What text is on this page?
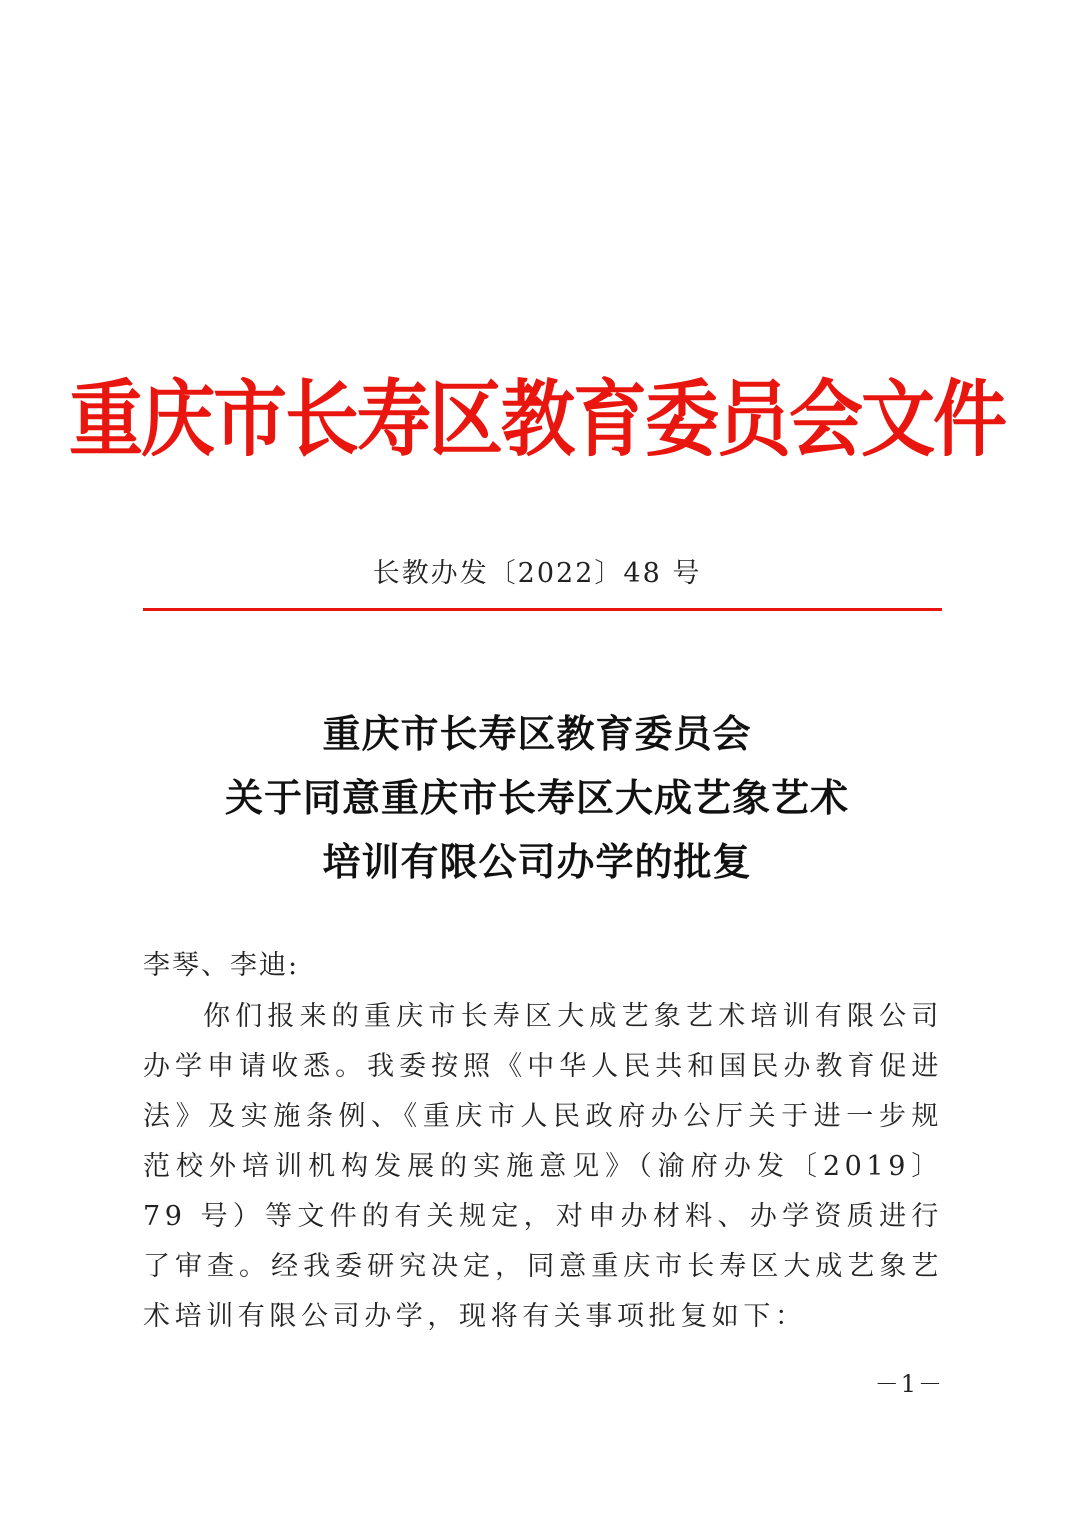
重庆市长寿区教育委员会文件
长教办发〔2022〕48 号
重庆市长寿区教育委员会
关于同意重庆市长寿区大成艺象艺术
培训有限公司办学的批复
李琴、李迪:
你们报来的重庆市长寿区大成艺象艺术培训有限公司办学申请收悉。我委按照《中华人民共和国民办教育促进法》及实施条例、《重庆市人民政府办公厅关于进一步规范校外培训机构发展的实施意见》（渝府办发〔2019〕79 号）等文件的有关规定，对申办材料、办学资质进行了审查。经我委研究决定，同意重庆市长寿区大成艺象艺术培训有限公司办学，现将有关事项批复如下：
－1－
